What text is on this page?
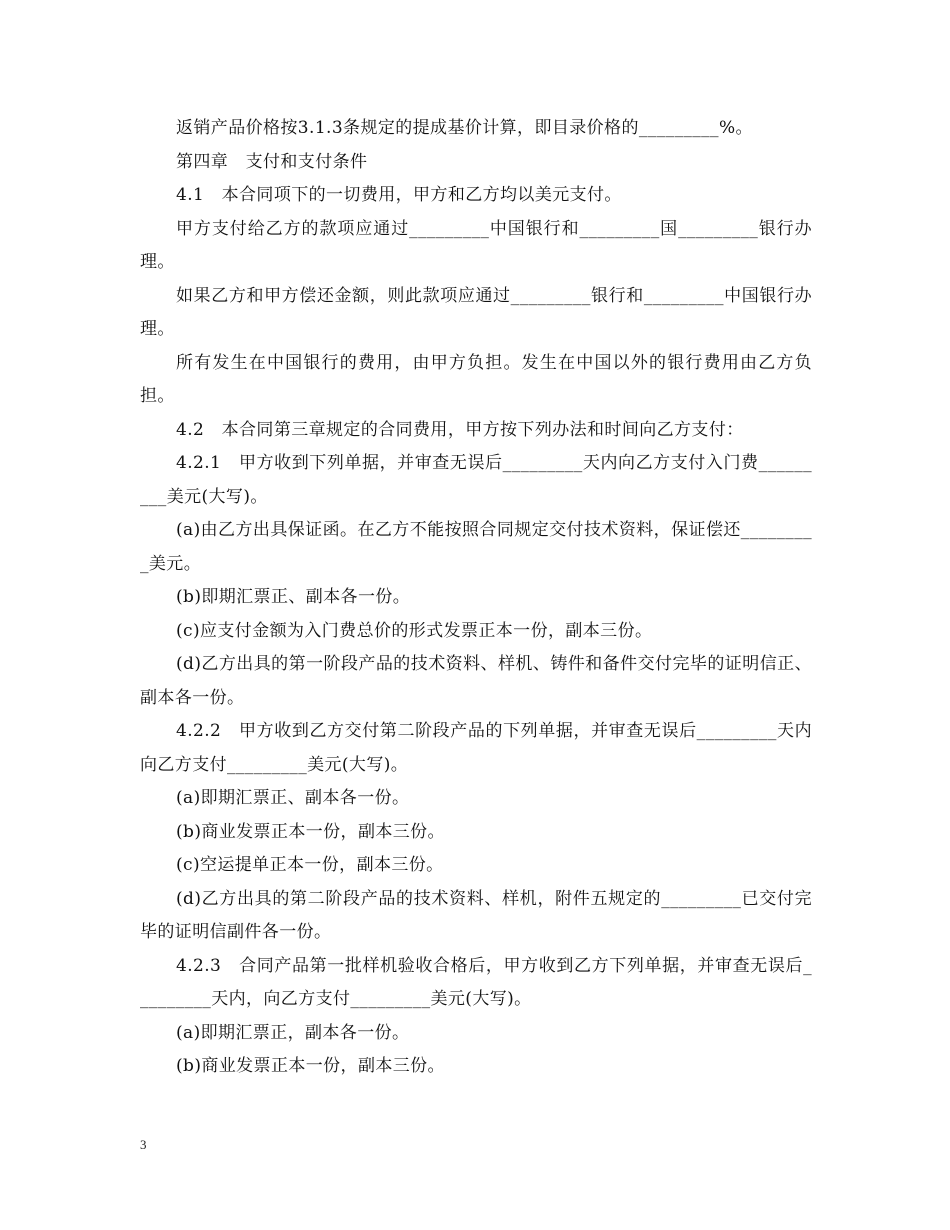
返销产品价格按3.1.3条规定的提成基价计算，即目录价格的_________%。

第四章　支付和支付条件

4.1　本合同项下的一切费用，甲方和乙方均以美元支付。

甲方支付给乙方的款项应通过_________中国银行和_________国_________银行办理。

如果乙方和甲方偿还金额，则此款项应通过_________银行和_________中国银行办理。

所有发生在中国银行的费用，由甲方负担。发生在中国以外的银行费用由乙方负担。

4.2　本合同第三章规定的合同费用，甲方按下列办法和时间向乙方支付：

4.2.1　甲方收到下列单据，并审查无误后_________天内向乙方支付入门费_________美元(大写)。

(a)由乙方出具保证函。在乙方不能按照合同规定交付技术资料，保证偿还_________美元。

(b)即期汇票正、副本各一份。

(c)应支付金额为入门费总价的形式发票正本一份，副本三份。

(d)乙方出具的第一阶段产品的技术资料、样机、铸件和备件交付完毕的证明信正、副本各一份。

4.2.2　甲方收到乙方交付第二阶段产品的下列单据，并审查无误后_________天内向乙方支付_________美元(大写)。

(a)即期汇票正、副本各一份。

(b)商业发票正本一份，副本三份。

(c)空运提单正本一份，副本三份。

(d)乙方出具的第二阶段产品的技术资料、样机，附件五规定的_________已交付完毕的证明信副件各一份。

4.2.3　合同产品第一批样机验收合格后，甲方收到乙方下列单据，并审查无误后_________天内，向乙方支付_________美元(大写)。

(a)即期汇票正，副本各一份。

(b)商业发票正本一份，副本三份。

3
